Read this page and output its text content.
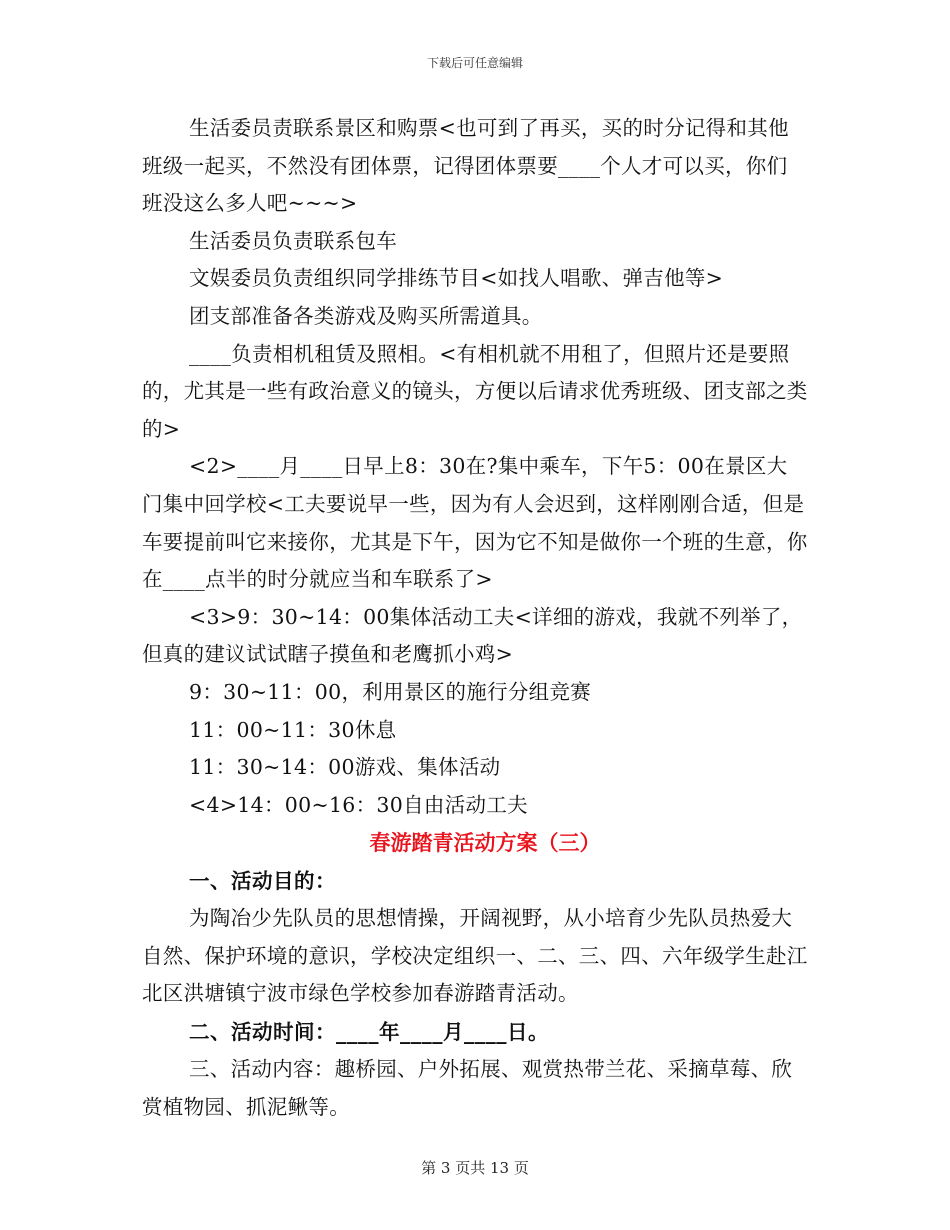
下载后可任意编辑

生活委员责联系景区和购票<也可到了再买，买的时分记得和其他班级一起买，不然没有团体票，记得团体票要____个人才可以买，你们班没这么多人吧~~~>

生活委员负责联系包车

文娱委员负责组织同学排练节目<如找人唱歌、弹吉他等>

团支部准备各类游戏及购买所需道具。

____负责相机租赁及照相。<有相机就不用租了，但照片还是要照的，尤其是一些有政治意义的镜头，方便以后请求优秀班级、团支部之类的>

<2>____月____日早上8：30在?集中乘车，下午5：00在景区大门集中回学校<工夫要说早一些，因为有人会迟到，这样刚刚合适，但是车要提前叫它来接你，尤其是下午，因为它不知是做你一个班的生意，你在____点半的时分就应当和车联系了>

<3>9：30~14：00集体活动工夫<详细的游戏，我就不列举了，但真的建议试试瞎子摸鱼和老鹰抓小鸡>

9：30~11：00，利用景区的施行分组竞赛

11：00~11：30休息

11：30~14：00游戏、集体活动

<4>14：00~16：30自由活动工夫

春游踏青活动方案（三）

一、活动目的：

为陶冶少先队员的思想情操，开阔视野，从小培育少先队员热爱大自然、保护环境的意识，学校决定组织一、二、三、四、六年级学生赴江北区洪塘镇宁波市绿色学校参加春游踏青活动。

二、活动时间：____年____月____日。

三、活动内容：趣桥园、户外拓展、观赏热带兰花、采摘草莓、欣赏植物园、抓泥鳅等。

第 3 页共 13 页
